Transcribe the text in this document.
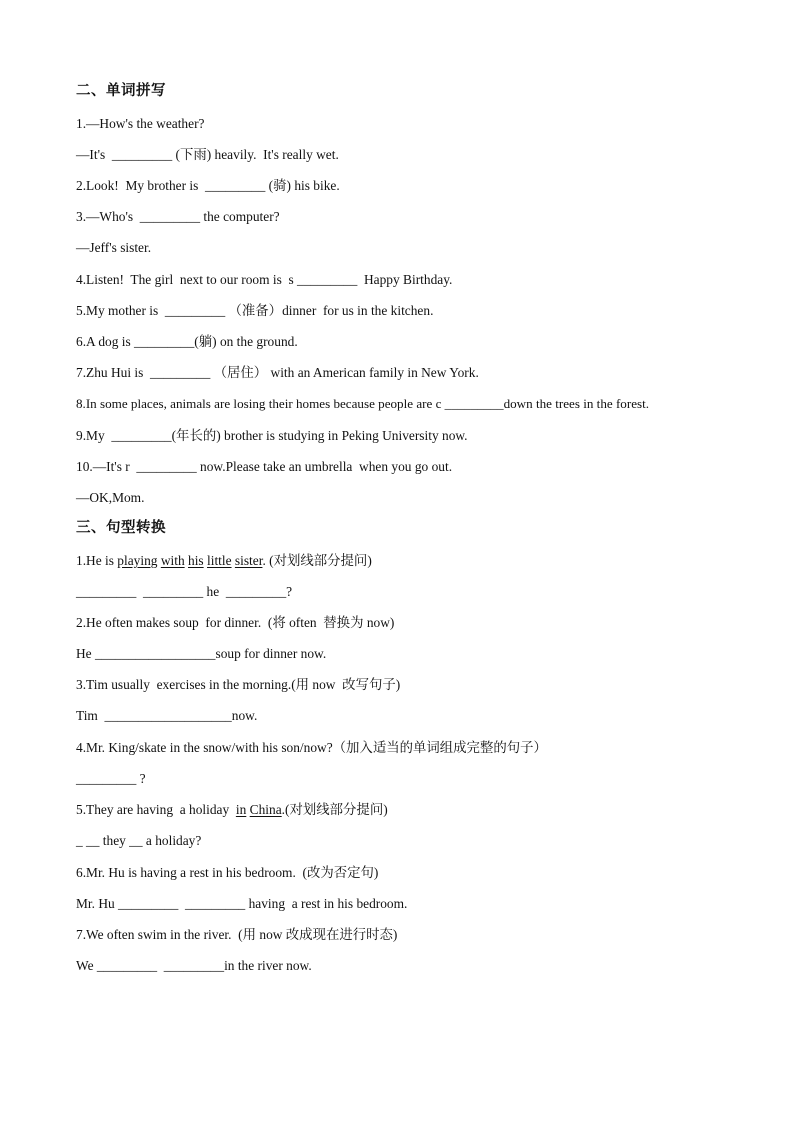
二、单词拼写
1.—How's the weather?
—It's  _________ (下雨) heavily.  It's really wet.
2.Look!  My brother is  _________ (骑) his bike.
3.—Who's  _________ the computer?
—Jeff's sister.
4.Listen!  The girl  next to our room is  s _________  Happy Birthday.
5.My mother is  _________ （准备）dinner  for us in the kitchen.
6.A dog is _________(躺) on the ground.
7.Zhu Hui is  _________ （居住） with an American family in New York.
8.In some places, animals are losing their homes because people are c _________down the trees in the forest.
9.My  _________(年长的) brother is studying in Peking University now.
10.—It's r  _________ now.Please take an umbrella  when you go out.
—OK,Mom.
三、句型转换
1.He is playing with his little sister. (对划线部分提问)
_________  _________ he  _________?
2.He often makes soup  for dinner.  (将 often  替换为 now)
He __________________soup for dinner now.
3.Tim usually  exercises in the morning.(用 now  改写句子)
Tim  ___________________now.
4.Mr. King/skate in the snow/with his son/now?（加入适当的单词组成完整的句子）
_________ ?
5.They are having  a holiday  in China.(对划线部分提问)
_ __ they __ a holiday?
6.Mr. Hu is having a rest in his bedroom.  (改为否定句)
Mr. Hu _________  _________ having  a rest in his bedroom.
7.We often swim in the river.  (用 now 改成现在进行时态)
We _________  _________in the river now.
